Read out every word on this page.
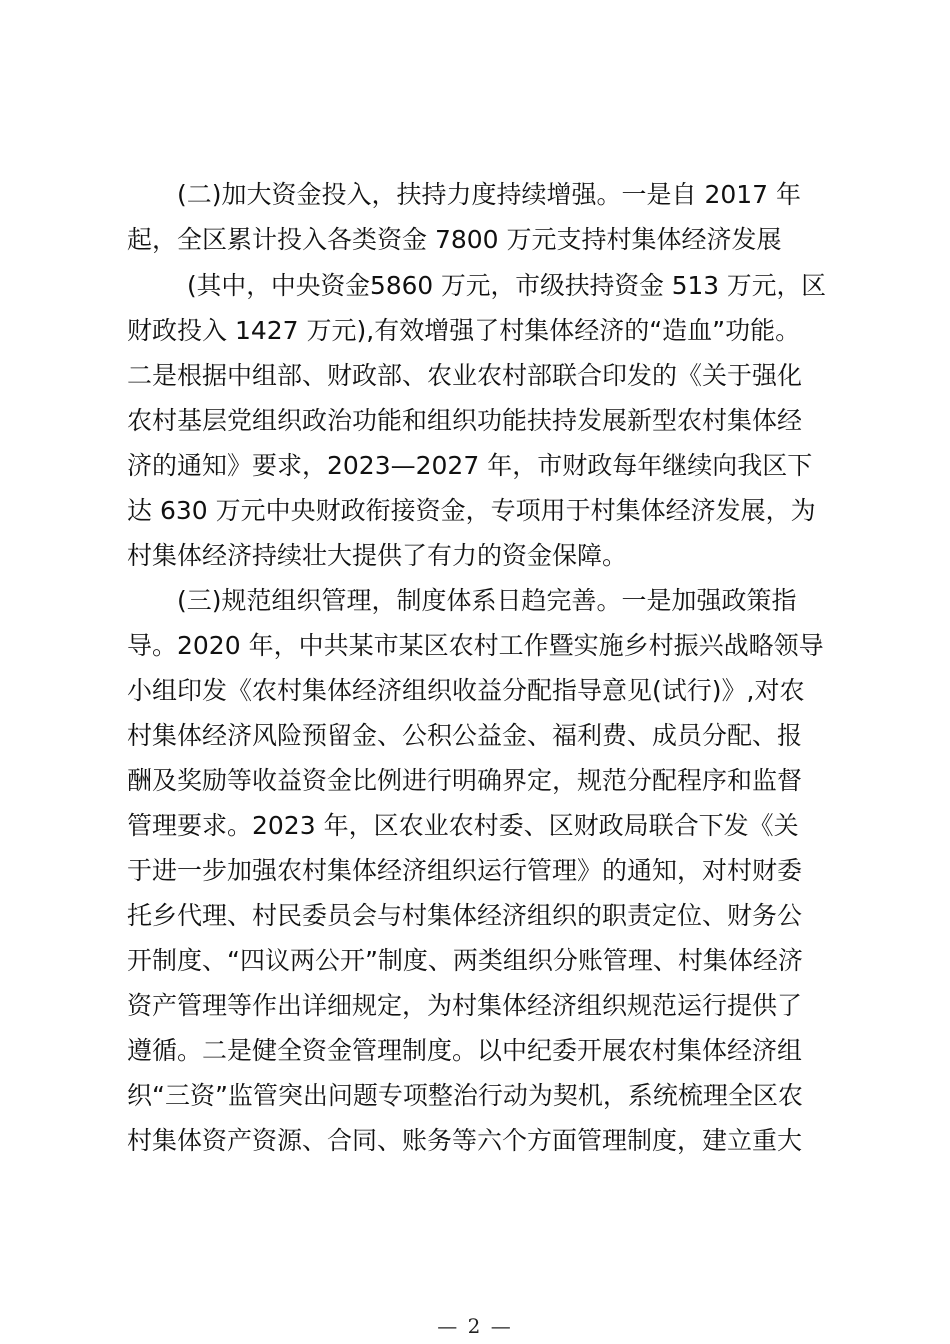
(二)加大资金投入，扶持力度持续增强。一是自 2017 年
起，全区累计投入各类资金 7800 万元支持村集体经济发展
(其中，中央资金5860 万元，市级扶持资金 513 万元，区
财政投入 1427 万元),有效增强了村集体经济的“造血”功能。
二是根据中组部、财政部、农业农村部联合印发的《关于强化
农村基层党组织政治功能和组织功能扶持发展新型农村集体经
济的通知》要求，2023—2027 年，市财政每年继续向我区下
达 630 万元中央财政衔接资金，专项用于村集体经济发展，为
村集体经济持续壮大提供了有力的资金保障。
(三)规范组织管理，制度体系日趋完善。一是加强政策指
导。2020 年，中共某市某区农村工作暨实施乡村振兴战略领导
小组印发《农村集体经济组织收益分配指导意见(试行)》,对农
村集体经济风险预留金、公积公益金、福利费、成员分配、报
酬及奖励等收益资金比例进行明确界定，规范分配程序和监督
管理要求。2023 年，区农业农村委、区财政局联合下发《关
于进一步加强农村集体经济组织运行管理》的通知，对村财委
托乡代理、村民委员会与村集体经济组织的职责定位、财务公
开制度、“四议两公开”制度、两类组织分账管理、村集体经济
资产管理等作出详细规定，为村集体经济组织规范运行提供了
遵循。二是健全资金管理制度。以中纪委开展农村集体经济组
织“三资”监管突出问题专项整治行动为契机，系统梳理全区农
村集体资产资源、合同、账务等六个方面管理制度，建立重大
— 2 —
